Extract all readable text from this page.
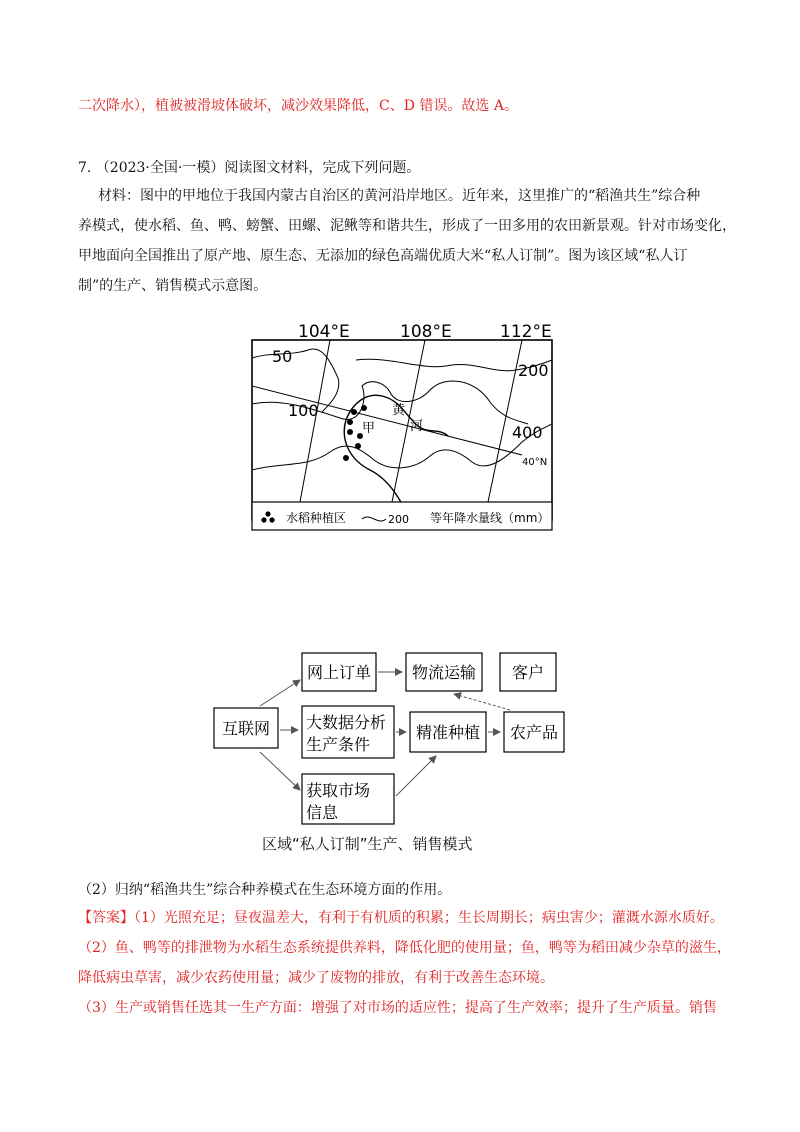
二次降水），植被被滑坡体破坏，减沙效果降低，C、D 错误。故选 A。
7. （2023·全国·一模）阅读图文材料，完成下列问题。
材料：图中的甲地位于我国内蒙古自治区的黄河沿岸地区。近年来，这里推广的“稻渔共生”综合种
养模式，使水稻、鱼、鸭、螃蟹、田螺、泥鳅等和谐共生，形成了一田多用的农田新景观。针对市场变化，
甲地面向全国推出了原产地、原生态、无添加的绿色高端优质大米“私人订制”。图为该区域“私人订
制”的生产、销售模式示意图。
104°E	108°E	112°E
40°N
50
100
200
400
黄
河
甲
水稻种植区	200 等年降水量线（mm）
互联网
网上订单	物流运输 客户
大数据分析
生产条件
精准种植 农产品
获取市场
信息
区域“私人订制”生产、销售模式
（2）归纳“稻渔共生”综合种养模式在生态环境方面的作用。
【答案】（1）光照充足；昼夜温差大，有利于有机质的积累；生长周期长；病虫害少；灌溉水源水质好。
（2）鱼、鸭等的排泄物为水稻生态系统提供养料，降低化肥的使用量；鱼，鸭等为稻田减少杂草的滋生，
降低病虫草害，减少农药使用量；减少了废物的排放，有利于改善生态环境。
（3）生产或销售任选其一生产方面：增强了对市场的适应性；提高了生产效率；提升了生产质量。销售
